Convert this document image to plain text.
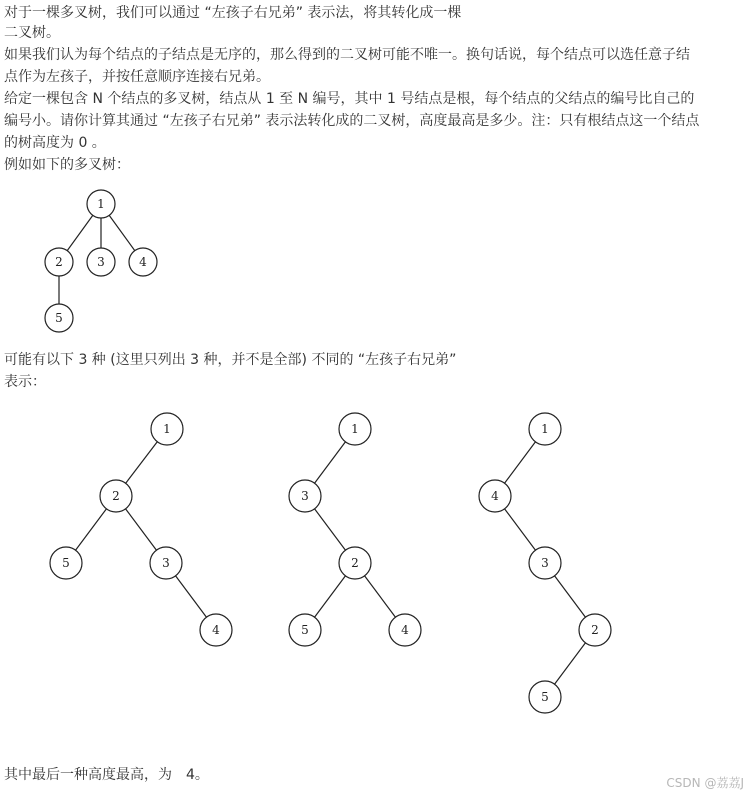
对于一棵多叉树，我们可以通过 “左孩子右兄弟” 表示法，将其转化成一棵
二叉树。
如果我们认为每个结点的子结点是无序的，那么得到的二叉树可能不唯一。换句话说，每个结点可以选任意子结
点作为左孩子，并按任意顺序连接右兄弟。
给定一棵包含 N 个结点的多叉树，结点从 1 至 N 编号，其中 1 号结点是根，每个结点的父结点的编号比自己的
编号小。请你计算其通过 “左孩子右兄弟” 表示法转化成的二叉树，高度最高是多少。注：只有根结点这一个结点
的树高度为 0 。
例如如下的多叉树：
1
2	3	4
5
可能有以下 3 种 (这里只列出 3 种，并不是全部) 不同的 “左孩子右兄弟”
表示：
1
2
5	3
4
1
3
2
5	4
1
4
3
2
5
其中最后一种高度最高，为　4。	CSDN @荔荔J
